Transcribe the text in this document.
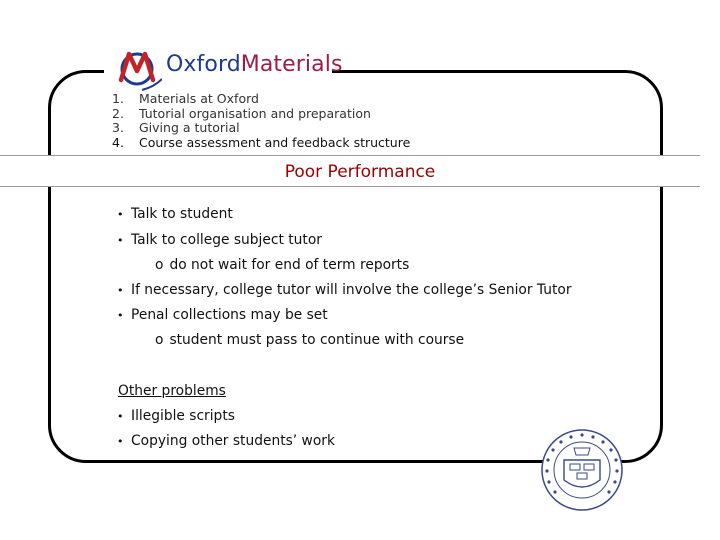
OxfordMaterials
1.	Materials at Oxford
2.	Tutorial organisation and preparation
3.	Giving a tutorial
4.	Course assessment and feedback structure
Poor Performance
• Talk to student
• Talk to college subject tutor
o do not wait for end of term reports
• If necessary, college tutor will involve the college’s Senior Tutor
• Penal collections may be set
o student must pass to continue with course
Other problems
• Illegible scripts
• Copying other students’ work
